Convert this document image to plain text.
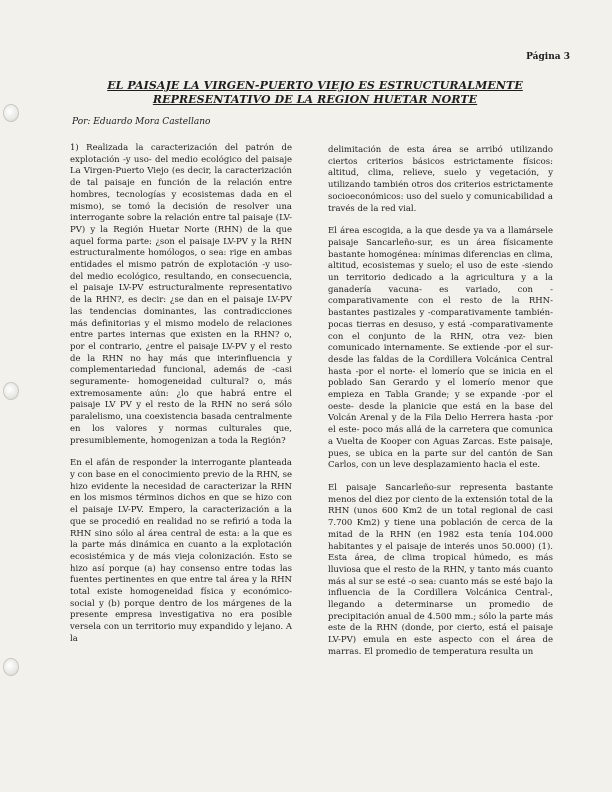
Página 3
EL PAISAJE LA VIRGEN-PUERTO VIEJO ES ESTRUCTURALMENTE REPRESENTATIVO DE LA REGION HUETAR NORTE
Por: Eduardo Mora Castellano

1) Realizada la caracterización del patrón de explotación -y uso- del medio ecológico del paisaje La Virgen-Puerto Viejo (es decir, la caracterización de tal paisaje en función de la relación entre hombres, tecnologías y ecosistemas dada en el mismo), se tomó la decisión de resolver una interrogante sobre la relación entre tal paisaje (LV-PV) y la Región Huetar Norte (RHN) de la que aquel forma parte: ¿son el paisaje LV-PV y la RHN estructuralmente homólogos, o sea: rige en ambas entidades el mismo patrón de explotación -y uso- del medio ecológico, resultando, en consecuencia, el paisaje LV-PV estructuralmente representativo de la RHN?, es decir: ¿se dan en el paisaje LV-PV las tendencias dominantes, las contradicciones más definitorias y el mismo modelo de relaciones entre partes internas que existen en la RHN? o, por el contrario, ¿entre el paisaje LV-PV y el resto de la RHN no hay más que interinfluencia y complementariedad funcional, además de -casi seguramente- homogeneidad cultural? o, más extremosamente aún: ¿lo que habrá entre el paisaje LV PV y el resto de la RHN no será sólo paralelismo, una coexistencia basada centralmente en los valores y normas culturales que, presumiblemente, homogenizan a toda la Región?

En el afán de responder la interrogante planteada y con base en el conocimiento previo de la RHN, se hizo evidente la necesidad de caracterizar la RHN en los mismos términos dichos en que se hizo con el paisaje LV-PV. Empero, la caracterización a la que se procedió en realidad no se refirió a toda la RHN sino sólo al área central de esta: a la que es la parte más dinámica en cuanto a la explotación ecosistémica y de más vieja colonización. Esto se hizo así porque (a) hay consenso entre todas las fuentes pertinentes en que entre tal área y la RHN total existe homogeneidad física y económico-social y (b) porque dentro de los márgenes de la presente empresa investigativa no era posible versela con un territorio muy expandido y lejano. A la

delimitación de esta área se arribó utilizando ciertos criterios básicos estrictamente físicos: altitud, clima, relieve, suelo y vegetación, y utilizando también otros dos criterios estrictamente socioeconómicos: uso del suelo y comunicabilidad a través de la red vial.

El área escogida, a la que desde ya va a llamársele paisaje Sancarleño-sur, es un área físicamente bastante homogénea: mínimas diferencias en clima, altitud, ecosistemas y suelo; el uso de este -siendo un territorio dedicado a la agricultura y a la ganadería vacuna- es variado, con -comparativamente con el resto de la RHN- bastantes pastizales y -comparativamente también- pocas tierras en desuso, y está -comparativamente con el conjunto de la RHN, otra vez- bien comunicado internamente. Se extiende -por el sur- desde las faldas de la Cordillera Volcánica Central hasta -por el norte- el lomerío que se inicia en el poblado San Gerardo y el lomerío menor que empieza en Tabla Grande; y se expande -por el oeste- desde la planicie que está en la base del Volcán Arenal y de la Fila Delio Herrera hasta -por el este- poco más allá de la carretera que comunica a Vuelta de Kooper con Aguas Zarcas. Este paisaje, pues, se ubica en la parte sur del cantón de San Carlos, con un leve desplazamiento hacia el este.

El paisaje Sancarleño-sur representa bastante menos del diez por ciento de la extensión total de la RHN (unos 600 Km2 de un total regional de casi 7.700 Km2) y tiene una población de cerca de la mitad de la RHN (en 1982 esta tenía 104.000 habitantes y el paisaje de interés unos 50.000) (1). Esta área, de clima tropical húmedo, es más lluviosa que el resto de la RHN, y tanto más cuanto más al sur se esté -o sea: cuanto más se esté bajo la influencia de la Cordillera Volcánica Central-, llegando a determinarse un promedio de precipitación anual de 4.500 mm.; sólo la parte más este de la RHN (donde, por cierto, está el paisaje LV-PV) emula en este aspecto con el área de marras. El promedio de temperatura resulta un
